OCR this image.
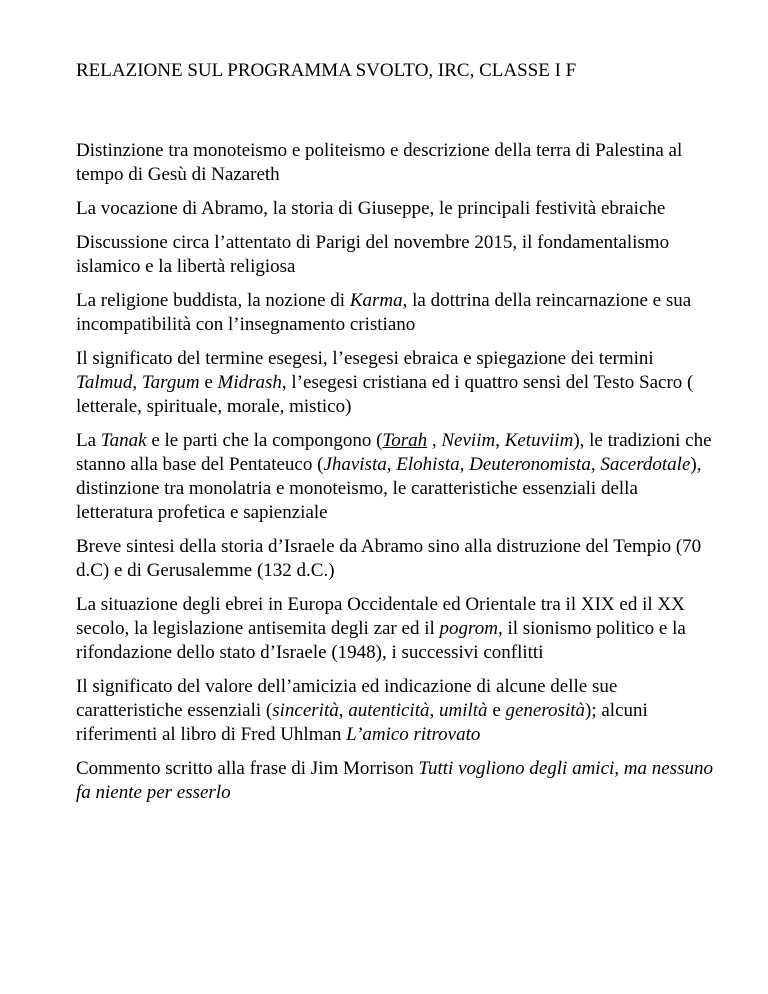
RELAZIONE SUL PROGRAMMA SVOLTO, IRC, CLASSE I F

Distinzione tra monoteismo e politeismo e descrizione della terra di Palestina al tempo di Gesù di Nazareth

La vocazione di Abramo, la storia di Giuseppe, le principali festività ebraiche

Discussione circa l’attentato di Parigi del novembre 2015, il fondamentalismo islamico e la libertà religiosa

La religione buddista, la nozione di Karma, la dottrina della reincarnazione e sua incompatibilità con l’insegnamento cristiano

Il significato del termine esegesi, l’esegesi ebraica e spiegazione dei termini Talmud, Targum e Midrash, l’esegesi cristiana ed i quattro sensi del Testo Sacro ( letterale, spirituale, morale, mistico)

La Tanak e le parti che la compongono (Torah , Neviim, Ketuviim), le tradizioni che stanno alla base del Pentateuco (Jhavista, Elohista, Deuteronomista, Sacerdotale), distinzione tra monolatria e monoteismo, le caratteristiche essenziali della letteratura profetica e sapienziale

Breve sintesi della storia d’Israele da Abramo sino alla distruzione del Tempio (70 d.C) e di Gerusalemme (132 d.C.)

La situazione degli ebrei in Europa Occidentale ed Orientale tra il XIX ed il XX secolo, la legislazione antisemita degli zar ed il pogrom, il sionismo politico e la rifondazione dello stato d’Israele (1948), i successivi conflitti

Il significato del valore dell’amicizia ed indicazione di alcune delle sue caratteristiche essenziali (sincerità, autenticità, umiltà e generosità); alcuni riferimenti al libro di Fred Uhlman L’amico ritrovato

Commento scritto alla frase di Jim Morrison Tutti vogliono degli amici, ma nessuno fa niente per esserlo
